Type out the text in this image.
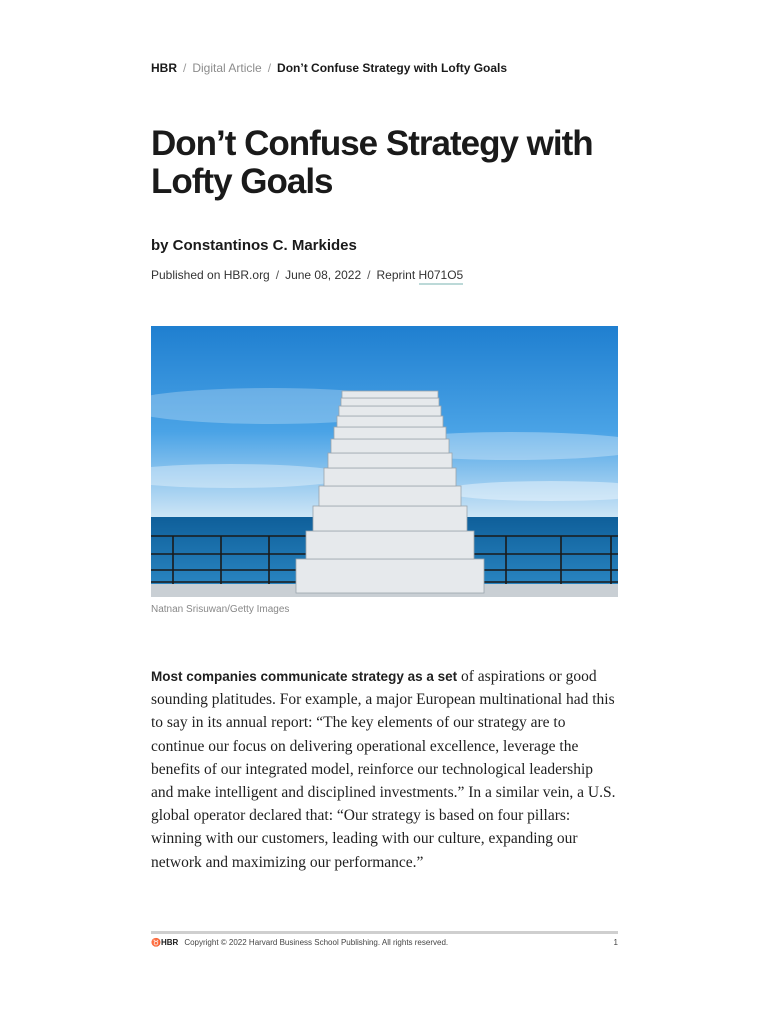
HBR / Digital Article / Don’t Confuse Strategy with Lofty Goals
Don’t Confuse Strategy with Lofty Goals
by Constantinos C. Markides
Published on HBR.org / June 08, 2022 / Reprint H071O5
Natnan Srisuwan/Getty Images

Most companies communicate strategy as a set of aspirations or good sounding platitudes. For example, a major European multinational had this to say in its annual report: “The key elements of our strategy are to continue our focus on delivering operational excellence, leverage the benefits of our integrated model, reinforce our technological leadership and make intelligent and disciplined investments.” In a similar vein, a U.S. global operator declared that: “Our strategy is based on four pillars: winning with our customers, leading with our culture, expanding our network and maximizing our performance.”

♉HBR Copyright © 2022 Harvard Business School Publishing. All rights reserved.	1
